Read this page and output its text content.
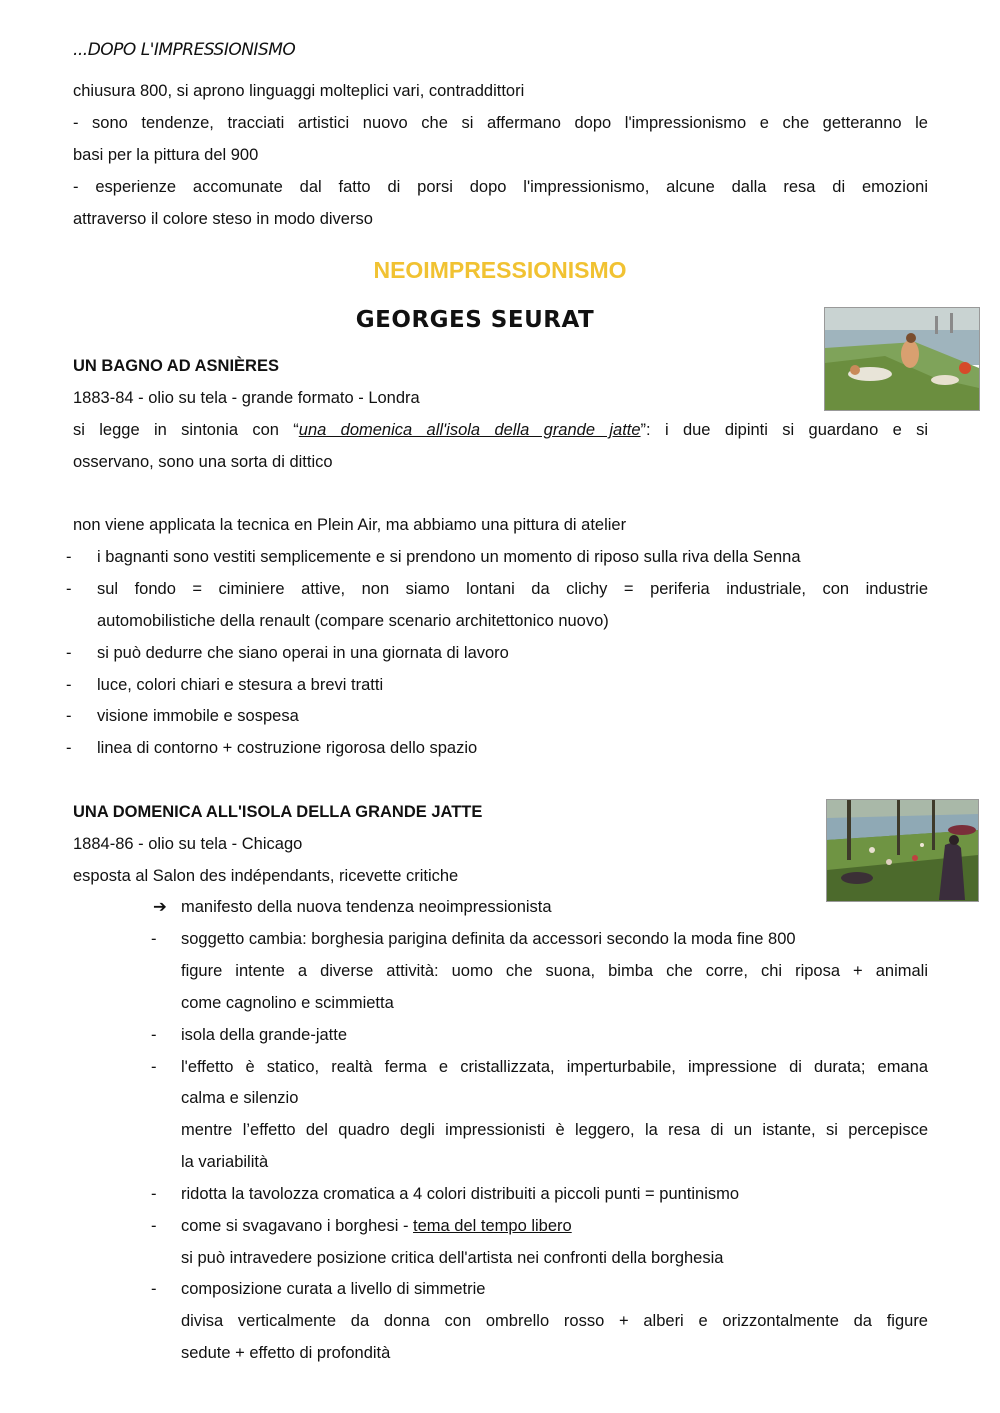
...DOPO L'IMPRESSIONISMO
chiusura 800, si aprono linguaggi molteplici vari, contraddittori
- sono tendenze, tracciati artistici nuovo che si affermano dopo l'impressionismo e che getteranno le
basi per la pittura del 900
- esperienze accomunate dal fatto di porsi dopo l'impressionismo, alcune dalla resa di emozioni
attraverso il colore steso in modo diverso
NEOIMPRESSIONISMO
GEORGES SEURAT
UN BAGNO AD ASNIÈRES
1883-84 - olio su tela - grande formato - Londra
si legge in sintonia con “una domenica all'isola della grande jatte”: i due dipinti si guardano e si
osservano, sono una sorta di dittico
non viene applicata la tecnica en Plein Air, ma abbiamo una pittura di atelier
- i bagnanti sono vestiti semplicemente e si prendono un momento di riposo sulla riva della Senna
- sul fondo = ciminiere attive, non siamo lontani da clichy = periferia industriale, con industrie
automobilistiche della renault (compare scenario architettonico nuovo)
- si può dedurre che siano operai in una giornata di lavoro
- luce, colori chiari e stesura a brevi tratti
- visione immobile e sospesa
- linea di contorno + costruzione rigorosa dello spazio
UNA DOMENICA ALL'ISOLA DELLA GRANDE JATTE
1884-86 - olio su tela - Chicago
esposta al Salon des indépendants, ricevette critiche
➔ manifesto della nuova tendenza neoimpressionista
- soggetto cambia: borghesia parigina definita da accessori secondo la moda fine 800
figure intente a diverse attività: uomo che suona, bimba che corre, chi riposa + animali
come cagnolino e scimmietta
- isola della grande-jatte
- l'effetto è statico, realtà ferma e cristallizzata, imperturbabile, impressione di durata; emana
calma e silenzio
mentre l’effetto del quadro degli impressionisti è leggero, la resa di un istante, si percepisce
la variabilità
- ridotta la tavolozza cromatica a 4 colori distribuiti a piccoli punti = puntinismo
- come si svagavano i borghesi - tema del tempo libero
si può intravedere posizione critica dell'artista nei confronti della borghesia
- composizione curata a livello di simmetrie
divisa verticalmente da donna con ombrello rosso + alberi e orizzontalmente da figure
sedute + effetto di profondità
